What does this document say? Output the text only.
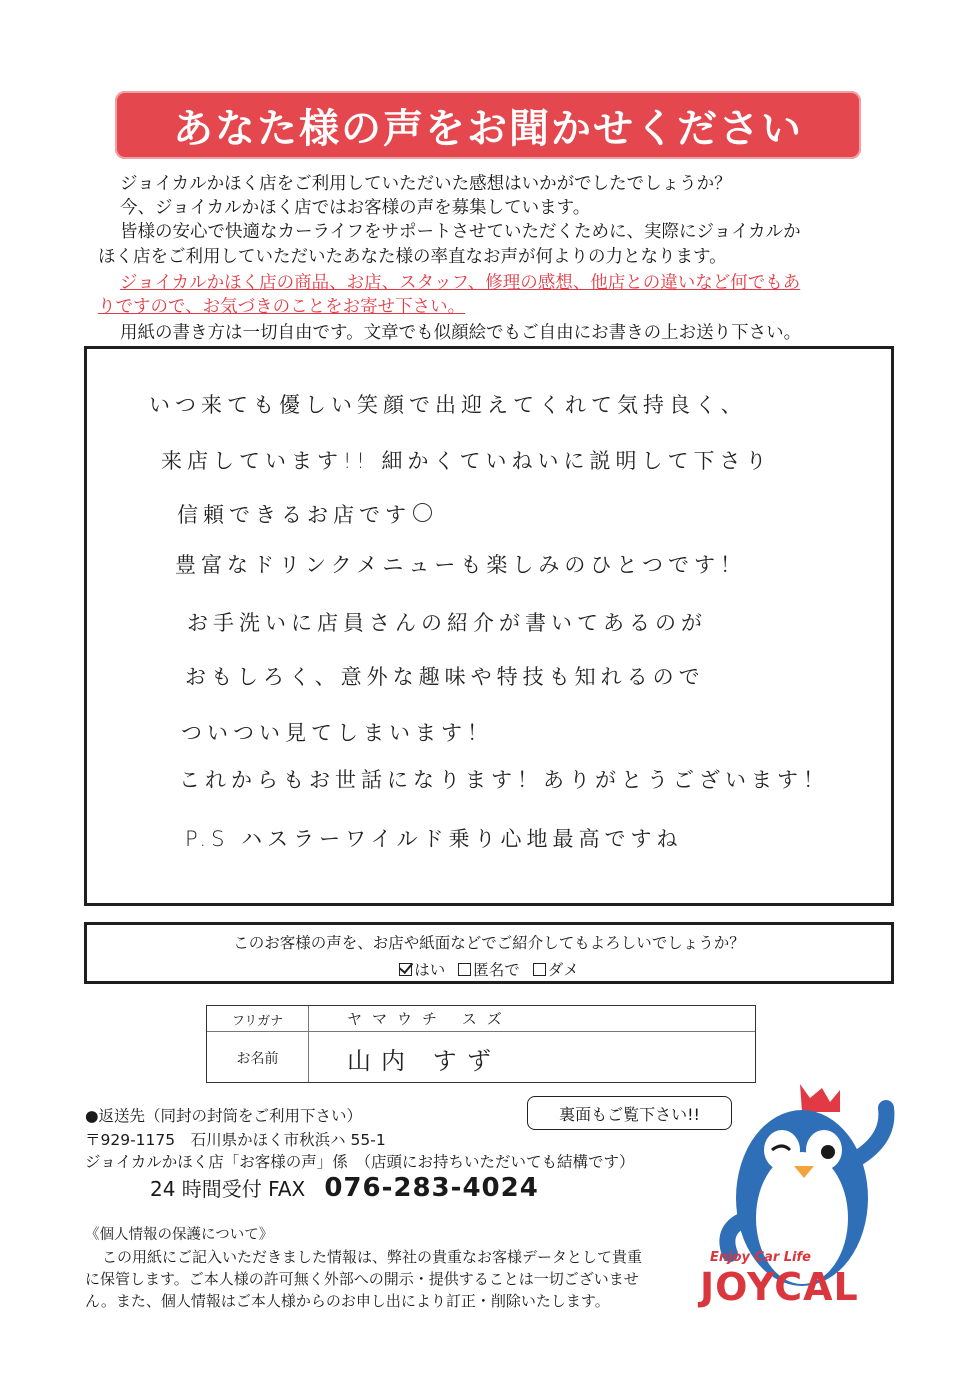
あなた様の声をお聞かせください
ジョイカルかほく店をご利用していただいた感想はいかがでしたでしょうか？
今、ジョイカルかほく店ではお客様の声を募集しています。
皆様の安心で快適なカーライフをサポートさせていただくために、実際にジョイカルか
ほく店をご利用していただいたあなた様の率直なお声が何よりの力となります。
ジョイカルかほく店の商品、お店、スタッフ、修理の感想、他店との違いなど何でもあ
りですので、お気づきのことをお寄せ下さい。
用紙の書き方は一切自由です。文章でも似顔絵でもご自由にお書きの上お送り下さい。
いつ来ても優しい笑顔で出迎えてくれて気持良く、
来店しています!! 細かくていねいに説明して下さり
信頼できるお店です
豊富なドリンクメニューも楽しみのひとつです！
お手洗いに店員さんの紹介が書いてあるのが
おもしろく、意外な趣味や特技も知れるので
ついつい見てしまいます！
これからもお世話になります！ありがとうございます！
P.S ハスラーワイルド乗り心地最高ですね
このお客様の声を、お店や紙面などでご紹介してもよろしいでしょうか？
はい 匿名で ダメ
フリガナ	ヤマウチ スズ
お名前	山内 すず
●返送先（同封の封筒をご利用下さい）
〒929-1175　石川県かほく市秋浜ハ 55-1
ジョイカルかほく店「お客様の声」係　（店頭にお持ちいただいても結構です）
24 時間受付 FAX 076-283-4024
《個人情報の保護について》
この用紙にご記入いただきました情報は、弊社の貴重なお客様データとして貴重
に保管します。ご本人様の許可無く外部への開示・提供することは一切ございませ
ん。また、個人情報はご本人様からのお申し出により訂正・削除いたします。
裏面もご覧下さい!!
Enjoy Car Life
JOYCAL
